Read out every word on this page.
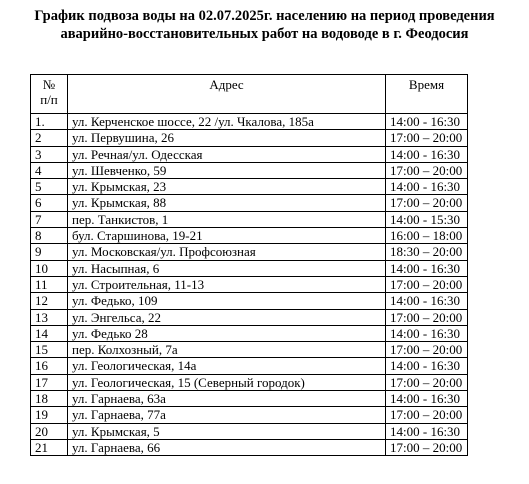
График подвоза воды на 02.07.2025г. населению на период проведения
аварийно-восстановительных работ на водоводе в г. Феодосия
№
п/п	Адрес	Время
1.	ул. Керченское шоссе, 22 /ул. Чкалова, 185а	14:00 - 16:30
2	ул. Первушина, 26	17:00 – 20:00
3	ул. Речная/ул. Одесская	14:00 - 16:30
4	ул. Шевченко, 59	17:00 – 20:00
5	ул. Крымская, 23	14:00 - 16:30
6	ул. Крымская, 88	17:00 – 20:00
7	пер. Танкистов, 1	14:00 - 15:30
8	бул. Старшинова, 19-21	16:00 – 18:00
9	ул. Московская/ул. Профсоюзная	18:30 – 20:00
10	ул. Насыпная, 6	14:00 - 16:30
11	ул. Строительная, 11-13	17:00 – 20:00
12	ул. Федько, 109	14:00 - 16:30
13	ул. Энгельса, 22	17:00 – 20:00
14	ул. Федько 28	14:00 - 16:30
15	пер. Колхозный, 7а	17:00 – 20:00
16	ул. Геологическая, 14а	14:00 - 16:30
17	ул. Геологическая, 15 (Северный городок)	17:00 – 20:00
18	ул. Гарнаева, 63а	14:00 - 16:30
19	ул. Гарнаева, 77а	17:00 – 20:00
20	ул. Крымская, 5	14:00 - 16:30
21	ул. Гарнаева, 66	17:00 – 20:00
